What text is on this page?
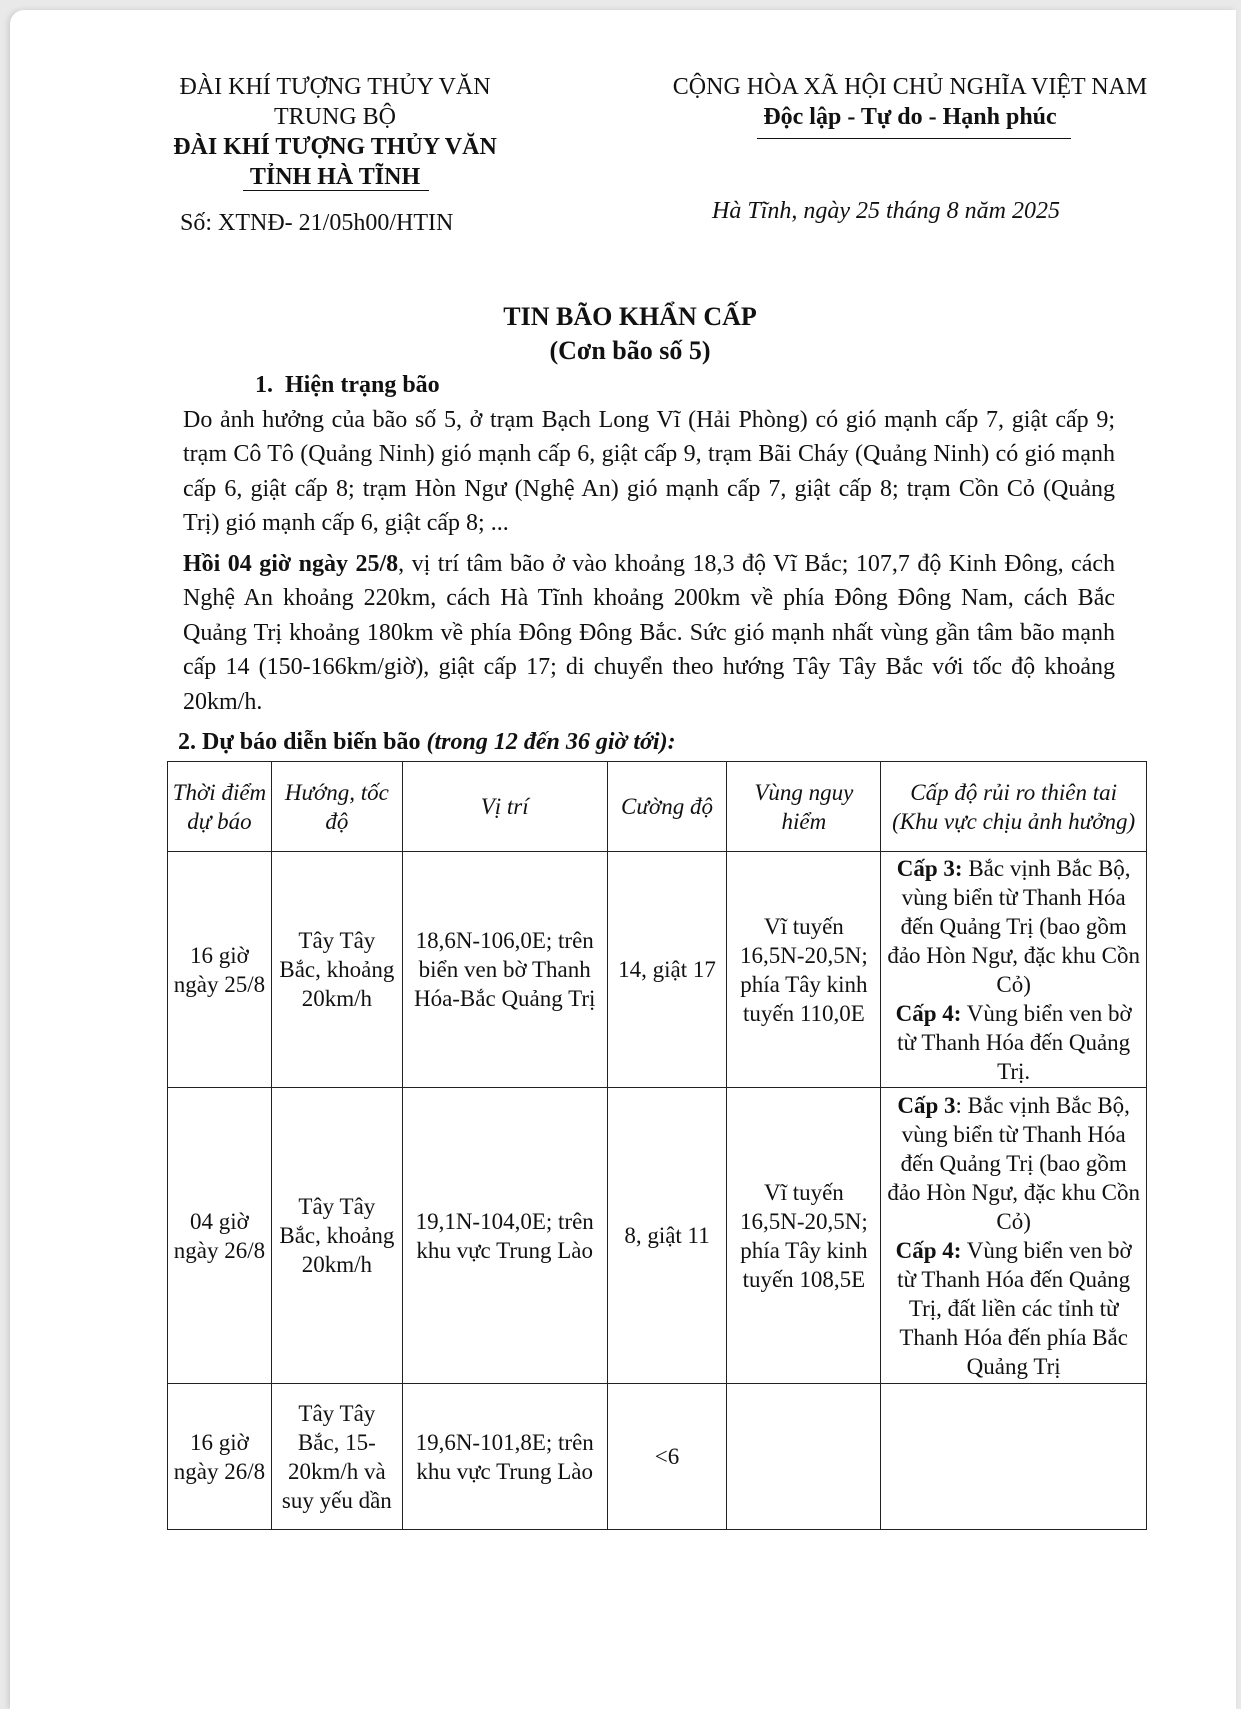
ĐÀI KHÍ TƯỢNG THỦY VĂN
TRUNG BỘ
ĐÀI KHÍ TƯỢNG THỦY VĂN
TỈNH HÀ TĨNH
Số: XTNĐ- 21/05h00/HTIN
CỘNG HÒA XÃ HỘI CHỦ NGHĨA VIỆT NAM
Độc lập - Tự do - Hạnh phúc
Hà Tĩnh, ngày 25 tháng 8 năm 2025
TIN BÃO KHẨN CẤP
(Cơn bão số 5)
1.  Hiện trạng bão
Do ảnh hưởng của bão số 5, ở trạm Bạch Long Vĩ (Hải Phòng) có gió mạnh cấp 7, giật cấp 9; trạm Cô Tô (Quảng Ninh) gió mạnh cấp 6, giật cấp 9, trạm Bãi Cháy (Quảng Ninh) có gió mạnh cấp 6, giật cấp 8; trạm Hòn Ngư (Nghệ An) gió mạnh cấp 7, giật cấp 8; trạm Cồn Cỏ (Quảng Trị) gió mạnh cấp 6, giật cấp 8; ...
Hồi 04 giờ ngày 25/8, vị trí tâm bão ở vào khoảng 18,3 độ Vĩ Bắc; 107,7 độ Kinh Đông, cách Nghệ An khoảng 220km, cách Hà Tĩnh khoảng 200km về phía Đông Đông Nam, cách Bắc Quảng Trị khoảng 180km về phía Đông Đông Bắc. Sức gió mạnh nhất vùng gần tâm bão mạnh cấp 14 (150-166km/giờ), giật cấp 17; di chuyển theo hướng Tây Tây Bắc với tốc độ khoảng 20km/h.
2. Dự báo diễn biến bão (trong 12 đến 36 giờ tới):
Thời điểm dự báo	Hướng, tốc độ	Vị trí	Cường độ	Vùng nguy hiểm	Cấp độ rủi ro thiên tai (Khu vực chịu ảnh hưởng)
16 giờ ngày 25/8	Tây Tây Bắc, khoảng 20km/h	18,6N-106,0E; trên biển ven bờ Thanh Hóa-Bắc Quảng Trị	14, giật 17	Vĩ tuyến 16,5N-20,5N; phía Tây kinh tuyến 110,0E	Cấp 3: Bắc vịnh Bắc Bộ, vùng biển từ Thanh Hóa đến Quảng Trị (bao gồm đảo Hòn Ngư, đặc khu Cồn Cỏ)
Cấp 4: Vùng biển ven bờ từ Thanh Hóa đến Quảng Trị.
04 giờ ngày 26/8	Tây Tây Bắc, khoảng 20km/h	19,1N-104,0E; trên khu vực Trung Lào	8, giật 11	Vĩ tuyến 16,5N-20,5N; phía Tây kinh tuyến 108,5E	Cấp 3: Bắc vịnh Bắc Bộ, vùng biển từ Thanh Hóa đến Quảng Trị (bao gồm đảo Hòn Ngư, đặc khu Cồn Cỏ)
Cấp 4: Vùng biển ven bờ từ Thanh Hóa đến Quảng Trị, đất liền các tỉnh từ Thanh Hóa đến phía Bắc Quảng Trị
16 giờ ngày 26/8	Tây Tây Bắc, 15-20km/h và suy yếu dần	19,6N-101,8E; trên khu vực Trung Lào	<6		
